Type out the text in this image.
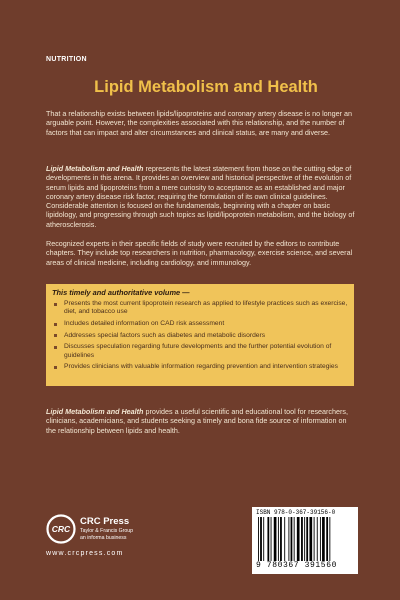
NUTRITION
Lipid Metabolism and Health
That a relationship exists between lipids/lipoproteins and coronary artery disease is no longer an arguable point. However, the complexities associated with this relationship, and the number of factors that can impact and alter circumstances and clinical status, are many and diverse.
Lipid Metabolism and Health represents the latest statement from those on the cutting edge of developments in this arena. It provides an overview and historical perspective of the evolution of serum lipids and lipoproteins from a mere curiosity to acceptance as an established and major coronary artery disease risk factor, requiring the formulation of its own clinical guidelines. Considerable attention is focused on the fundamentals, beginning with a chapter on basic lipidology, and progressing through such topics as lipid/lipoprotein metabolism, and the biology of atherosclerosis.
Recognized experts in their specific fields of study were recruited by the editors to contribute chapters. They include top researchers in nutrition, pharmacology, exercise science, and several areas of clinical medicine, including cardiology, and immunology.
This timely and authoritative volume —
Presents the most current lipoprotein research as applied to lifestyle practices such as exercise, diet, and tobacco use
Includes detailed information on CAD risk assessment
Addresses special factors such as diabetes and metabolic disorders
Discusses speculation regarding future developments and the further potential evolution of guidelines
Provides clinicians with valuable information regarding prevention and intervention strategies
Lipid Metabolism and Health provides a useful scientific and educational tool for researchers, clinicians, academicians, and students seeking a timely and bona fide source of information on the relationship between lipids and health.
CRC
CRC Press
Taylor & Francis Group
an informa business
www.crcpress.com
ISBN 978-0-367-39156-0
9 780367 391560
